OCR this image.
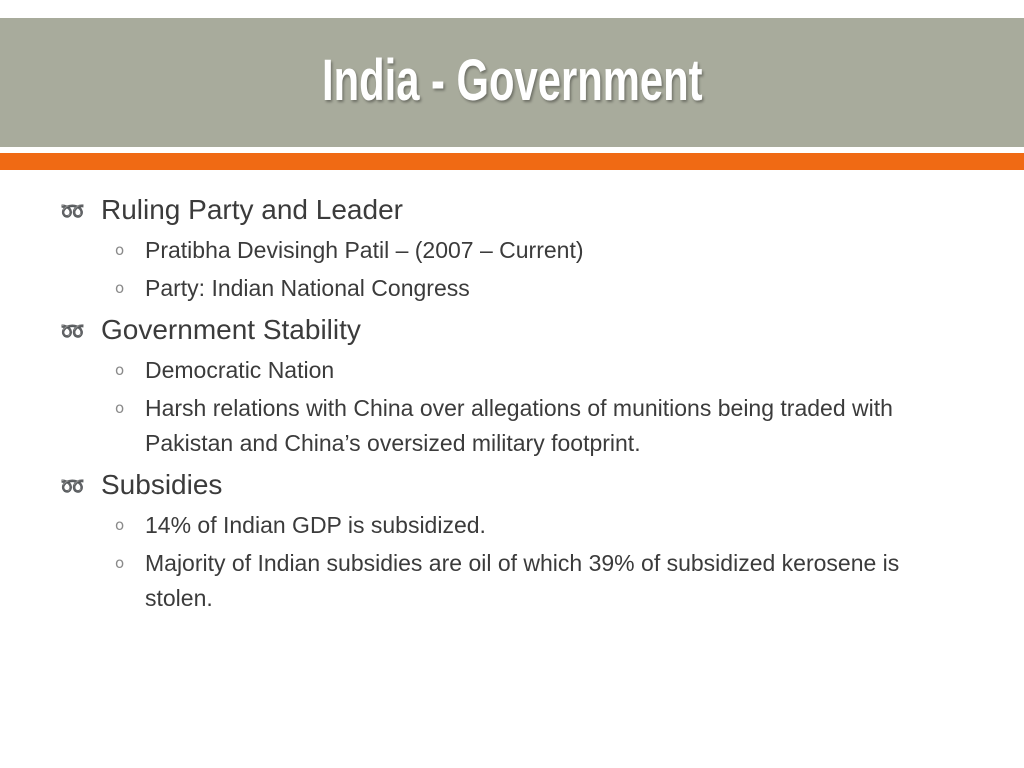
India - Government
➿ Ruling Party and Leader
o Pratibha Devisingh Patil – (2007 – Current)
o Party: Indian National Congress
➿ Government Stability
o Democratic Nation
o Harsh relations with China over allegations of munitions being traded with Pakistan and China’s oversized military footprint.
➿ Subsidies
o 14% of Indian GDP is subsidized.
o Majority of Indian subsidies are oil of which 39% of subsidized kerosene is stolen.
